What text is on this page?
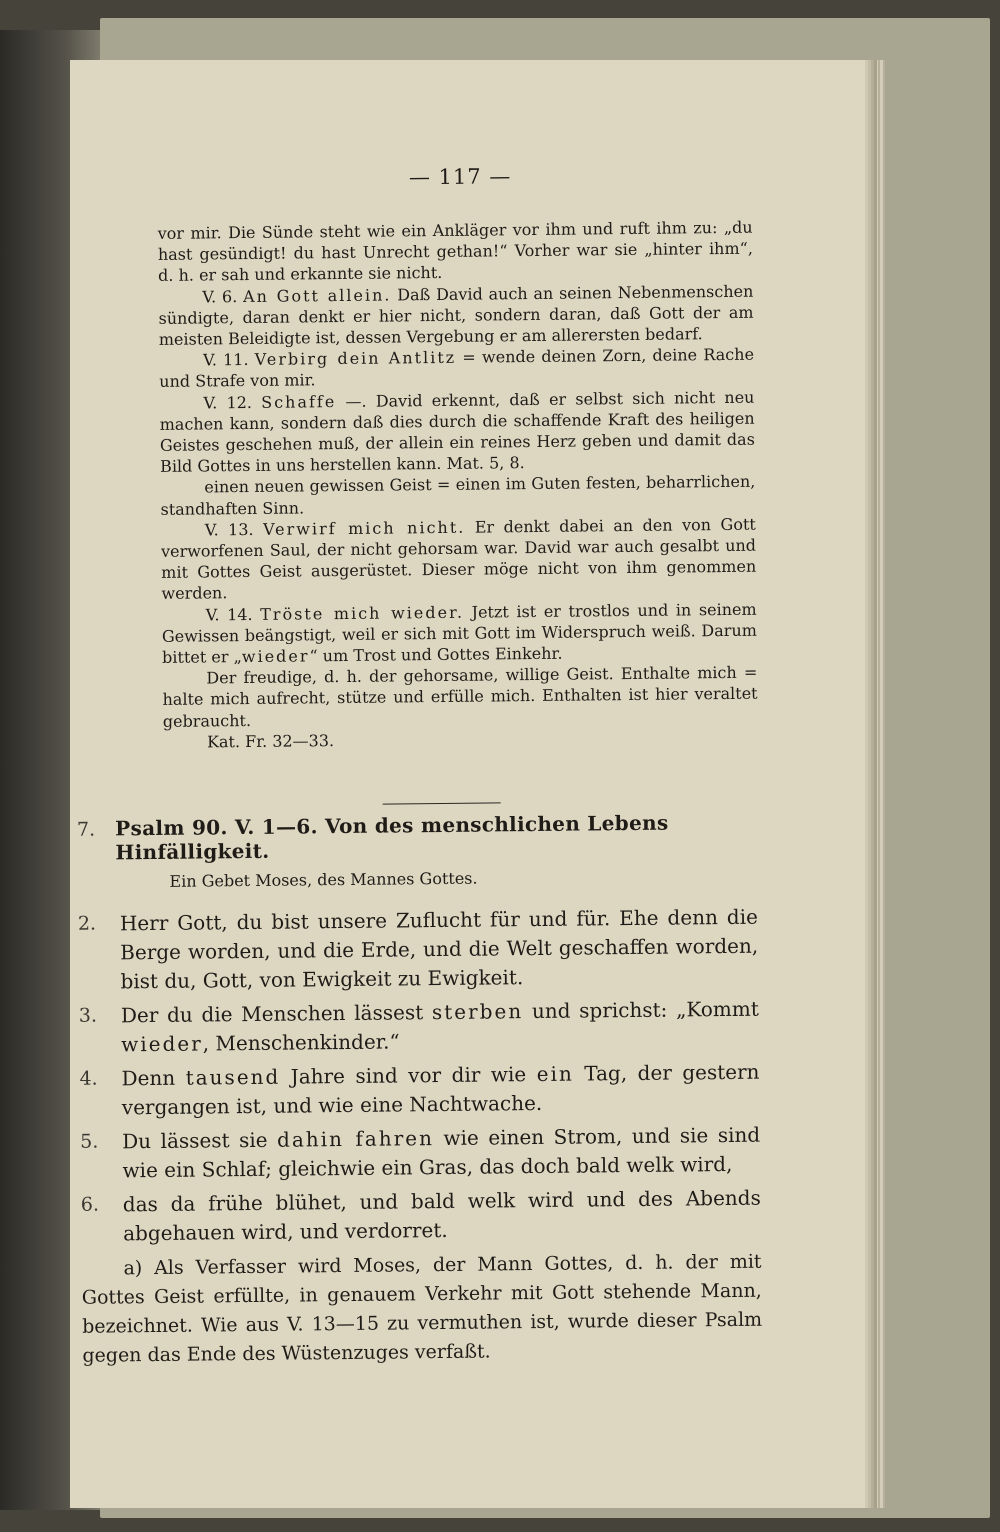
— 117 —

vor mir. Die Sünde steht wie ein Ankläger vor ihm und ruft ihm zu: „du hast gesündigt! du hast Unrecht gethan!“ Vorher war sie „hinter ihm“, d. h. er sah und erkannte sie nicht.

V. 6. An Gott allein. Daß David auch an seinen Nebenmenschen sündigte, daran denkt er hier nicht, sondern daran, daß Gott der am meisten Beleidigte ist, dessen Vergebung er am allerersten bedarf.

V. 11. Verbirg dein Antlitz = wende deinen Zorn, deine Rache und Strafe von mir.

V. 12. Schaffe —. David erkennt, daß er selbst sich nicht neu machen kann, sondern daß dies durch die schaffende Kraft des heiligen Geistes geschehen muß, der allein ein reines Herz geben und damit das Bild Gottes in uns herstellen kann. Mat. 5, 8.

einen neuen gewissen Geist = einen im Guten festen, beharrlichen, standhaften Sinn.

V. 13. Verwirf mich nicht. Er denkt dabei an den von Gott verworfenen Saul, der nicht gehorsam war. David war auch gesalbt und mit Gottes Geist ausgerüstet. Dieser möge nicht von ihm genommen werden.

V. 14. Tröste mich wieder. Jetzt ist er trostlos und in seinem Gewissen beängstigt, weil er sich mit Gott im Widerspruch weiß. Darum bittet er „wieder“ um Trost und Gottes Einkehr.

Der freudige, d. h. der gehorsame, willige Geist. Enthalte mich = halte mich aufrecht, stütze und erfülle mich. Enthalten ist hier veraltet gebraucht.

Kat. Fr. 32—33.

7. Psalm 90. V. 1—6. Von des menschlichen Lebens Hinfälligkeit.
Ein Gebet Moses, des Mannes Gottes.
2.	Herr Gott, du bist unsere Zuflucht für und für. Ehe denn die Berge worden, und die Erde, und die Welt geschaffen worden, bist du, Gott, von Ewigkeit zu Ewigkeit.
3.	Der du die Menschen lässest sterben und sprichst: „Kommt wieder, Menschenkinder.“
4.	Denn tausend Jahre sind vor dir wie ein Tag, der gestern vergangen ist, und wie eine Nachtwache.
5.	Du lässest sie dahin fahren wie einen Strom, und sie sind wie ein Schlaf; gleichwie ein Gras, das doch bald welk wird,
6.	das da frühe blühet, und bald welk wird und des Abends abgehauen wird, und verdorret.
a) Als Verfasser wird Moses, der Mann Gottes, d. h. der mit Gottes Geist erfüllte, in genauem Verkehr mit Gott stehende Mann, bezeichnet. Wie aus V. 13—15 zu vermuthen ist, wurde dieser Psalm gegen das Ende des Wüstenzuges verfaßt.
